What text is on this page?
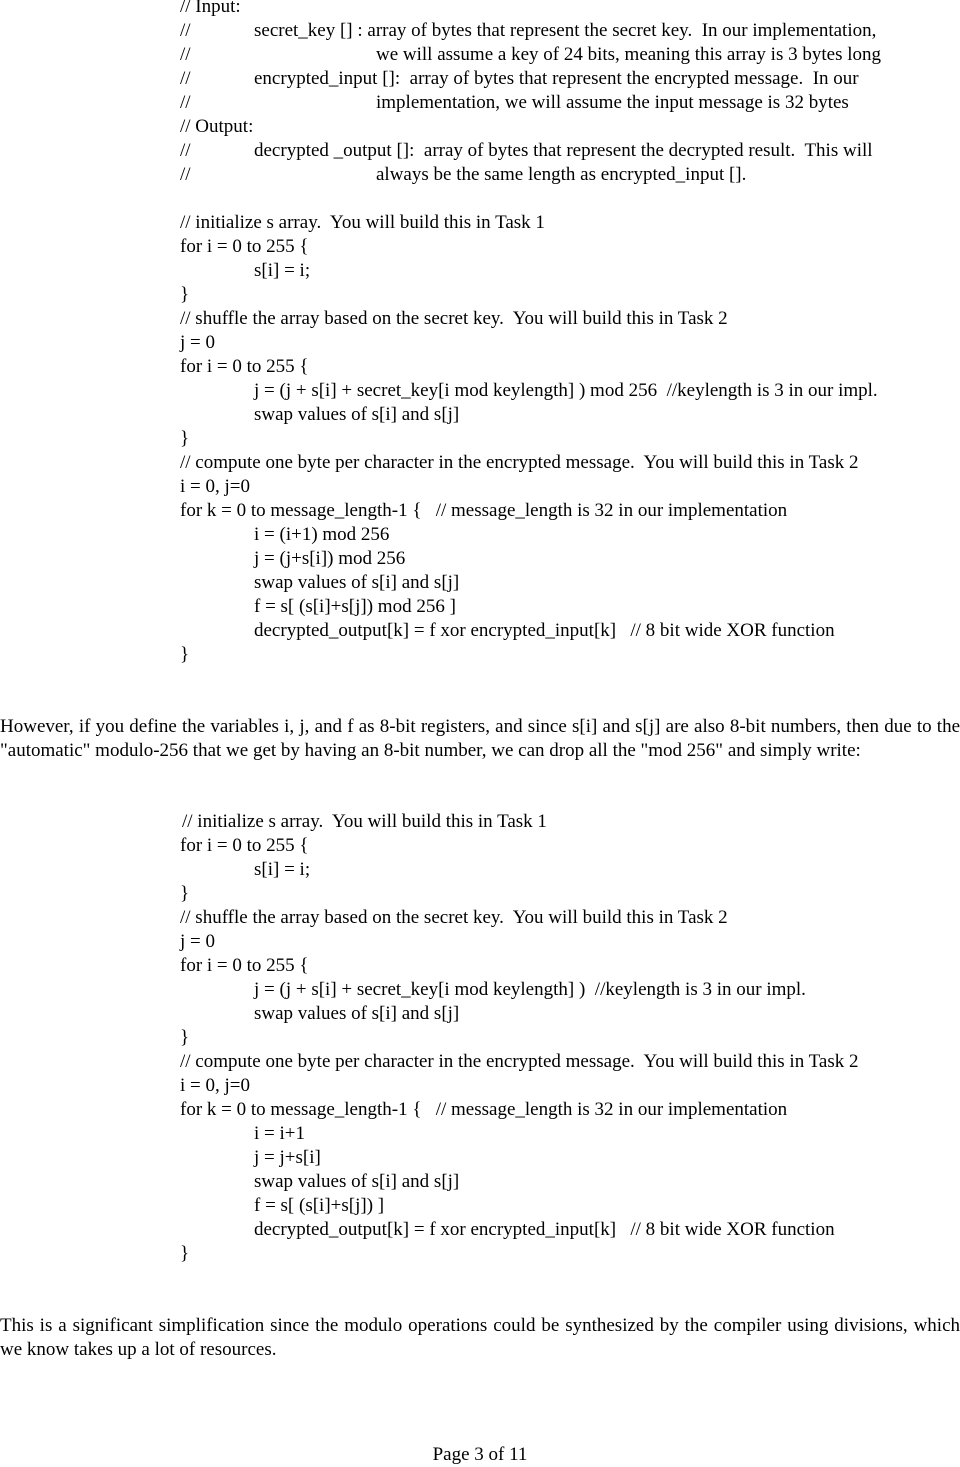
// Input:
//	secret_key [] : array of bytes that represent the secret key.  In our implementation,
//	we will assume a key of 24 bits, meaning this array is 3 bytes long
//	encrypted_input []:  array of bytes that represent the encrypted message.  In our
//	implementation, we will assume the input message is 32 bytes
// Output:
//	decrypted _output []:  array of bytes that represent the decrypted result.  This will
//	always be the same length as encrypted_input [].
// initialize s array.  You will build this in Task 1
for i = 0 to 255 {
s[i] = i;
}
// shuffle the array based on the secret key.  You will build this in Task 2
j = 0
for i = 0 to 255 {
j = (j + s[i] + secret_key[i mod keylength] ) mod 256  //keylength is 3 in our impl.
swap values of s[i] and s[j]
}
// compute one byte per character in the encrypted message.  You will build this in Task 2
i = 0, j=0
for k = 0 to message_length-1 {   // message_length is 32 in our implementation
i = (i+1) mod 256
j = (j+s[i]) mod 256
swap values of s[i] and s[j]
f = s[ (s[i]+s[j]) mod 256 ]
decrypted_output[k] = f xor encrypted_input[k]   // 8 bit wide XOR function
}
However, if you define the variables i, j, and f as 8-bit registers, and since s[i] and s[j] are also 8-bit numbers, then due to the "automatic" modulo-256 that we get by having an 8-bit number, we can drop all the "mod 256" and simply write:
// initialize s array.  You will build this in Task 1
for i = 0 to 255 {
s[i] = i;
}
// shuffle the array based on the secret key.  You will build this in Task 2
j = 0
for i = 0 to 255 {
j = (j + s[i] + secret_key[i mod keylength] )  //keylength is 3 in our impl.
swap values of s[i] and s[j]
}
// compute one byte per character in the encrypted message.  You will build this in Task 2
i = 0, j=0
for k = 0 to message_length-1 {   // message_length is 32 in our implementation
i = i+1
j = j+s[i]
swap values of s[i] and s[j]
f = s[ (s[i]+s[j]) ]
decrypted_output[k] = f xor encrypted_input[k]   // 8 bit wide XOR function
}
This is a significant simplification since the modulo operations could be synthesized by the compiler using divisions, which we know takes up a lot of resources.
Page 3 of 11
